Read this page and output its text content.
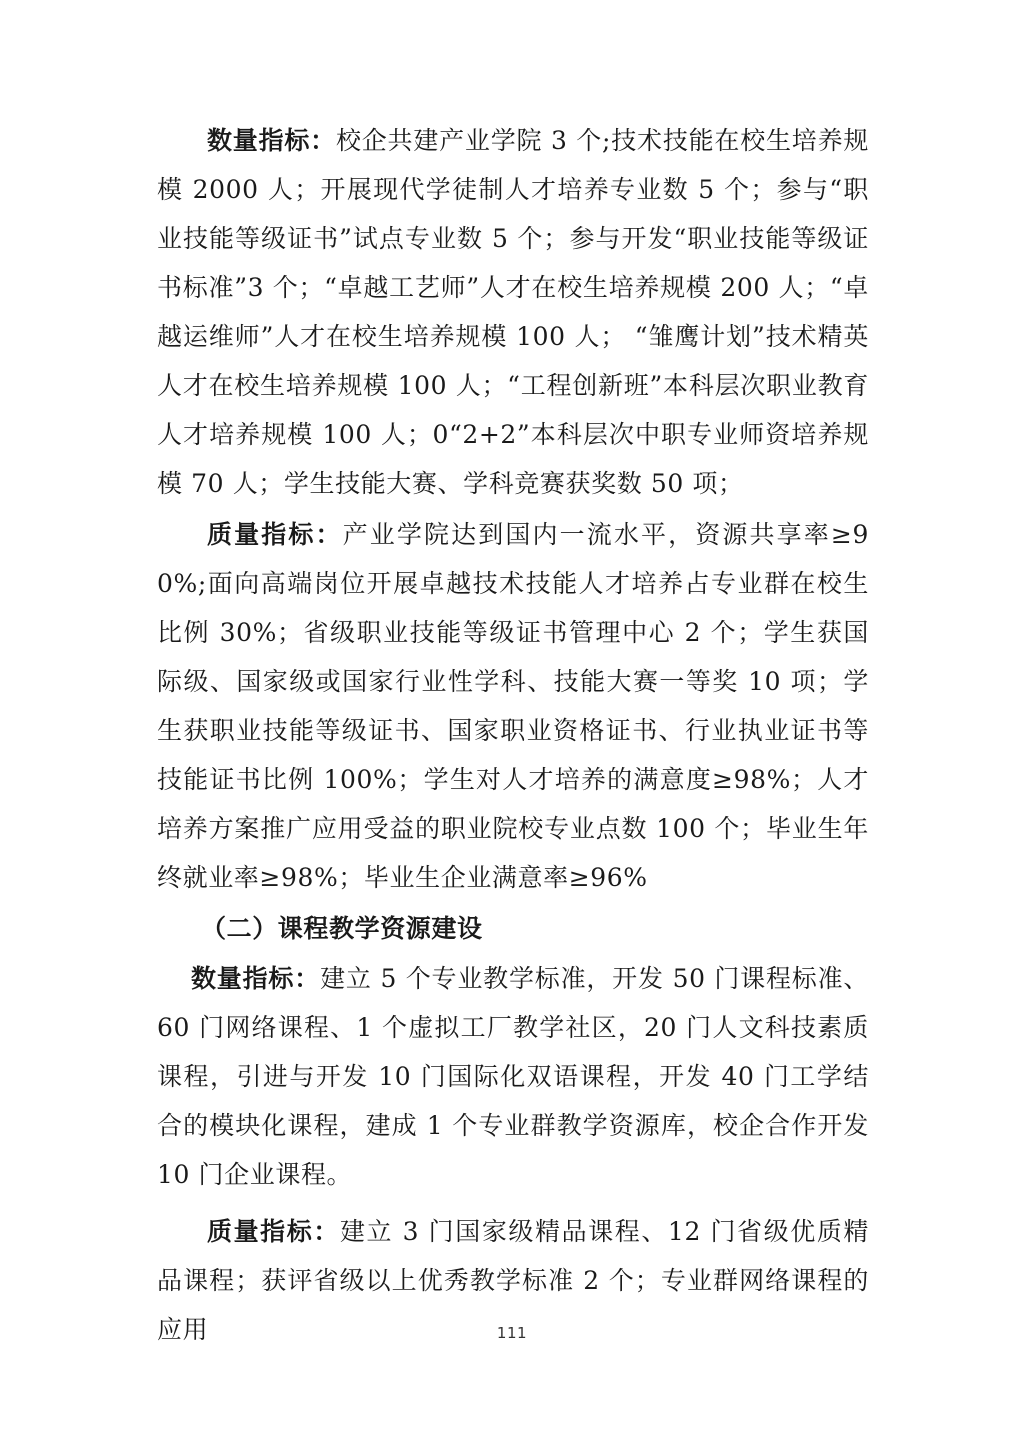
数量指标：校企共建产业学院 3 个;技术技能在校生培养规模 2000 人；开展现代学徒制人才培养专业数 5 个；参与“职业技能等级证书”试点专业数 5 个；参与开发“职业技能等级证书标准”3 个；“卓越工艺师”人才在校生培养规模 200 人；“卓越运维师”人才在校生培养规模 100 人； “雏鹰计划”技术精英人才在校生培养规模 100 人；“工程创新班”本科层次职业教育人才培养规模 100 人；0“2+2”本科层次中职专业师资培养规模 70 人；学生技能大赛、学科竞赛获奖数 50 项；

质量指标：产业学院达到国内一流水平，资源共享率≥90%;面向高端岗位开展卓越技术技能人才培养占专业群在校生比例 30%；省级职业技能等级证书管理中心 2 个；学生获国际级、国家级或国家行业性学科、技能大赛一等奖 10 项；学生获职业技能等级证书、国家职业资格证书、行业执业证书等技能证书比例 100%；学生对人才培养的满意度≥98%；人才培养方案推广应用受益的职业院校专业点数 100 个；毕业生年终就业率≥98%；毕业生企业满意率≥96%

（二）课程教学资源建设

数量指标：建立 5 个专业教学标准，开发 50 门课程标准、60 门网络课程、1 个虚拟工厂教学社区，20 门人文科技素质课程，引进与开发 10 门国际化双语课程，开发 40 门工学结合的模块化课程，建成 1 个专业群教学资源库，校企合作开发 10 门企业课程。

质量指标：建立 3 门国家级精品课程、12 门省级优质精品课程；获评省级以上优秀教学标准 2 个；专业群网络课程的应用	111
